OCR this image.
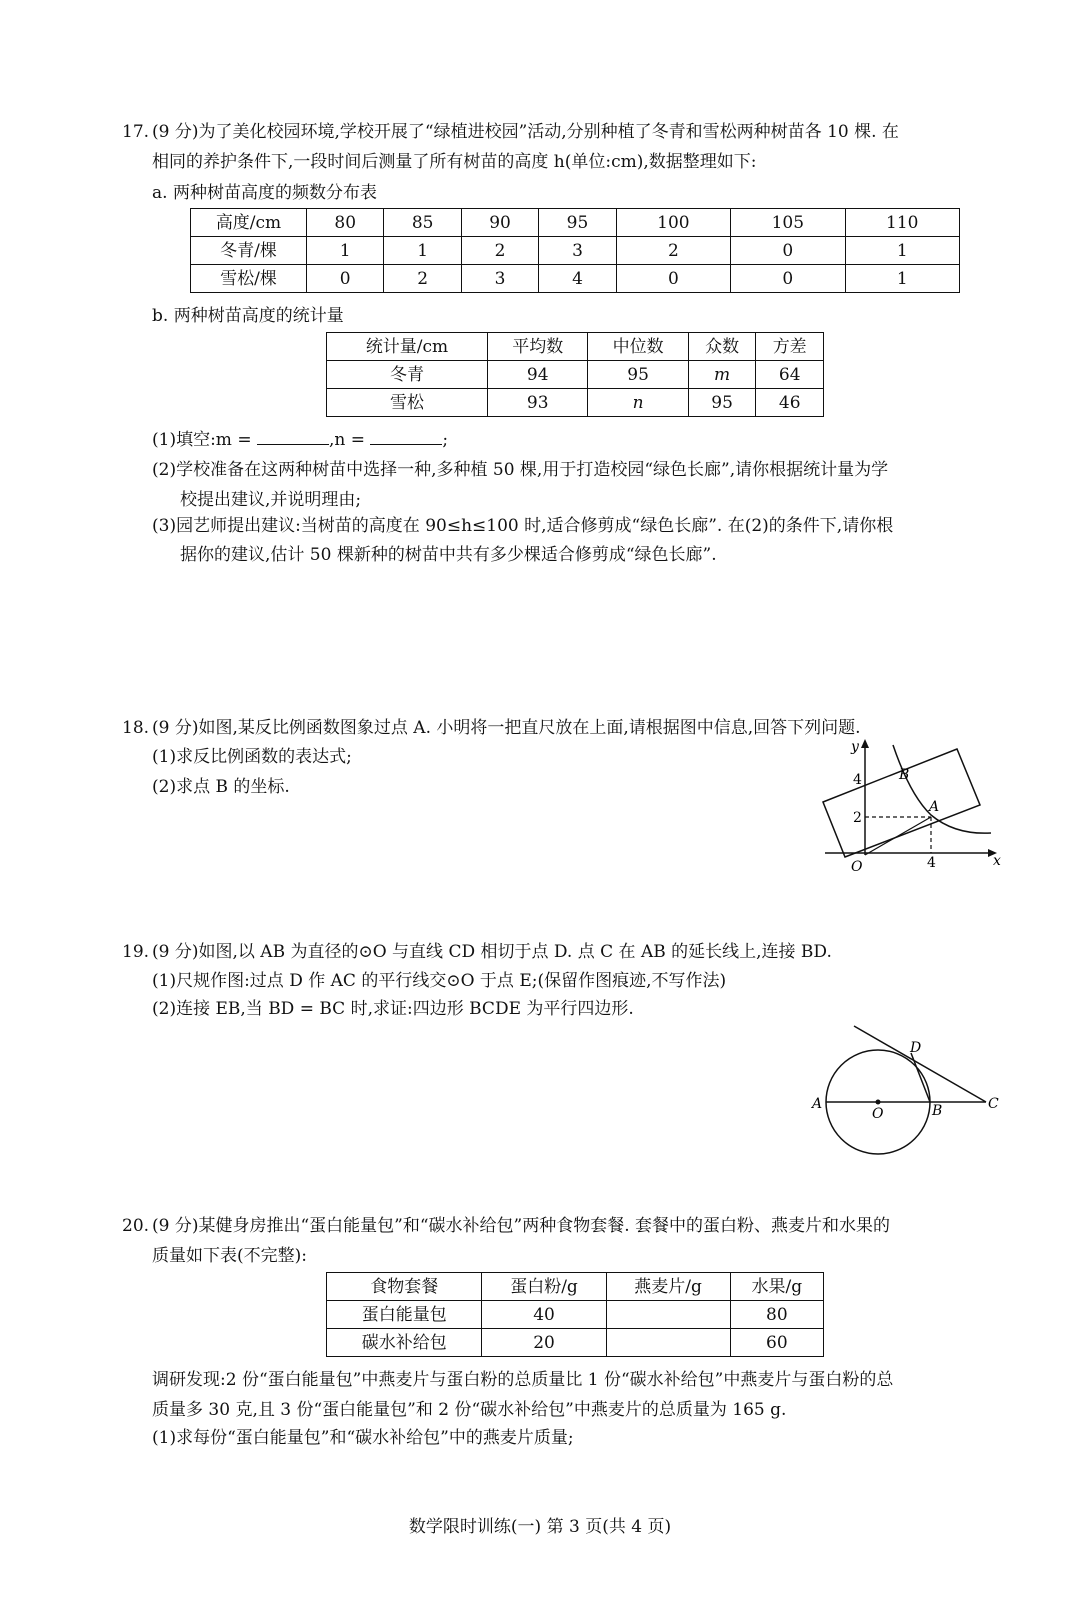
17. (9 分)为了美化校园环境,学校开展了“绿植进校园”活动,分别种植了冬青和雪松两种树苗各 10 棵. 在
相同的养护条件下,一段时间后测量了所有树苗的高度 h(单位:cm),数据整理如下:
a. 两种树苗高度的频数分布表
高度/cm	80	85	90	95	100	105	110
冬青/棵	1	1	2	3	2	0	1
雪松/棵	0	2	3	4	0	0	1
b. 两种树苗高度的统计量
统计量/cm	平均数	中位数	众数	方差
冬青	94	95	m	64
雪松	93	n	95	46
(1)填空:m =	,n =	;
(2)学校准备在这两种树苗中选择一种,多种植 50 棵,用于打造校园“绿色长廊”,请你根据统计量为学
校提出建议,并说明理由;
(3)园艺师提出建议:当树苗的高度在 90≤h≤100 时,适合修剪成“绿色长廊”. 在(2)的条件下,请你根
据你的建议,估计 50 棵新种的树苗中共有多少棵适合修剪成“绿色长廊”.
18. (9 分)如图,某反比例函数图象过点 A. 小明将一把直尺放在上面,请根据图中信息,回答下列问题.
(1)求反比例函数的表达式;
(2)求点 B 的坐标.
y
x
O
A
B
4
2
4
19. (9 分)如图,以 AB 为直径的⊙O 与直线 CD 相切于点 D. 点 C 在 AB 的延长线上,连接 BD.
(1)尺规作图:过点 D 作 AC 的平行线交⊙O 于点 E;(保留作图痕迹,不写作法)
(2)连接 EB,当 BD = BC 时,求证:四边形 BCDE 为平行四边形.
A
O	B	C
D
20. (9 分)某健身房推出“蛋白能量包”和“碳水补给包”两种食物套餐. 套餐中的蛋白粉、燕麦片和水果的
质量如下表(不完整):
食物套餐	蛋白粉/g	燕麦片/g	水果/g
蛋白能量包	40		80
碳水补给包	20		60
调研发现:2 份“蛋白能量包”中燕麦片与蛋白粉的总质量比 1 份“碳水补给包”中燕麦片与蛋白粉的总
质量多 30 克,且 3 份“蛋白能量包”和 2 份“碳水补给包”中燕麦片的总质量为 165 g.
(1)求每份“蛋白能量包”和“碳水补给包”中的燕麦片质量;
数学限时训练(一) 第 3 页(共 4 页)
